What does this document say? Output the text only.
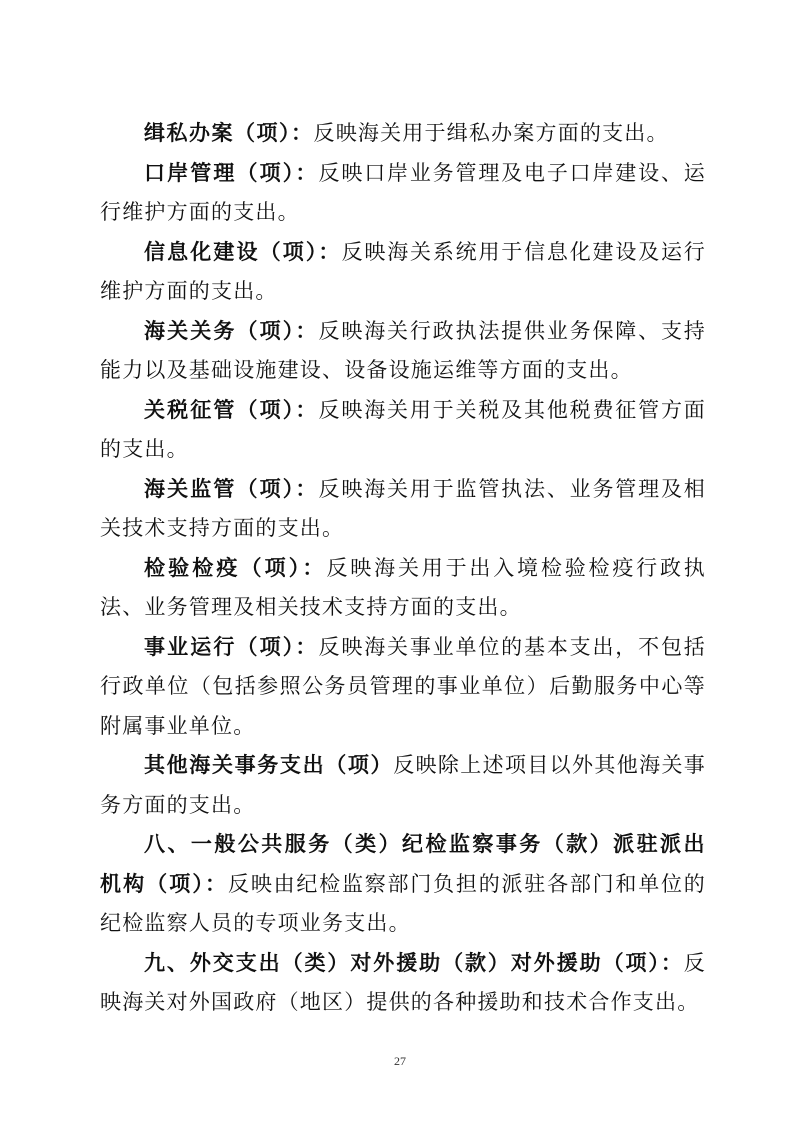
缉私办案（项）：反映海关用于缉私办案方面的支出。

口岸管理（项）：反映口岸业务管理及电子口岸建设、运行维护方面的支出。

信息化建设（项）：反映海关系统用于信息化建设及运行维护方面的支出。

海关关务（项）：反映海关行政执法提供业务保障、支持能力以及基础设施建设、设备设施运维等方面的支出。

关税征管（项）：反映海关用于关税及其他税费征管方面的支出。

海关监管（项）：反映海关用于监管执法、业务管理及相关技术支持方面的支出。

检验检疫（项）：反映海关用于出入境检验检疫行政执法、业务管理及相关技术支持方面的支出。

事业运行（项）：反映海关事业单位的基本支出，不包括行政单位（包括参照公务员管理的事业单位）后勤服务中心等附属事业单位。

其他海关事务支出（项）反映除上述项目以外其他海关事务方面的支出。

八、一般公共服务（类）纪检监察事务（款）派驻派出机构（项）：反映由纪检监察部门负担的派驻各部门和单位的纪检监察人员的专项业务支出。

九、外交支出（类）对外援助（款）对外援助（项）：反映海关对外国政府（地区）提供的各种援助和技术合作支出。

27
